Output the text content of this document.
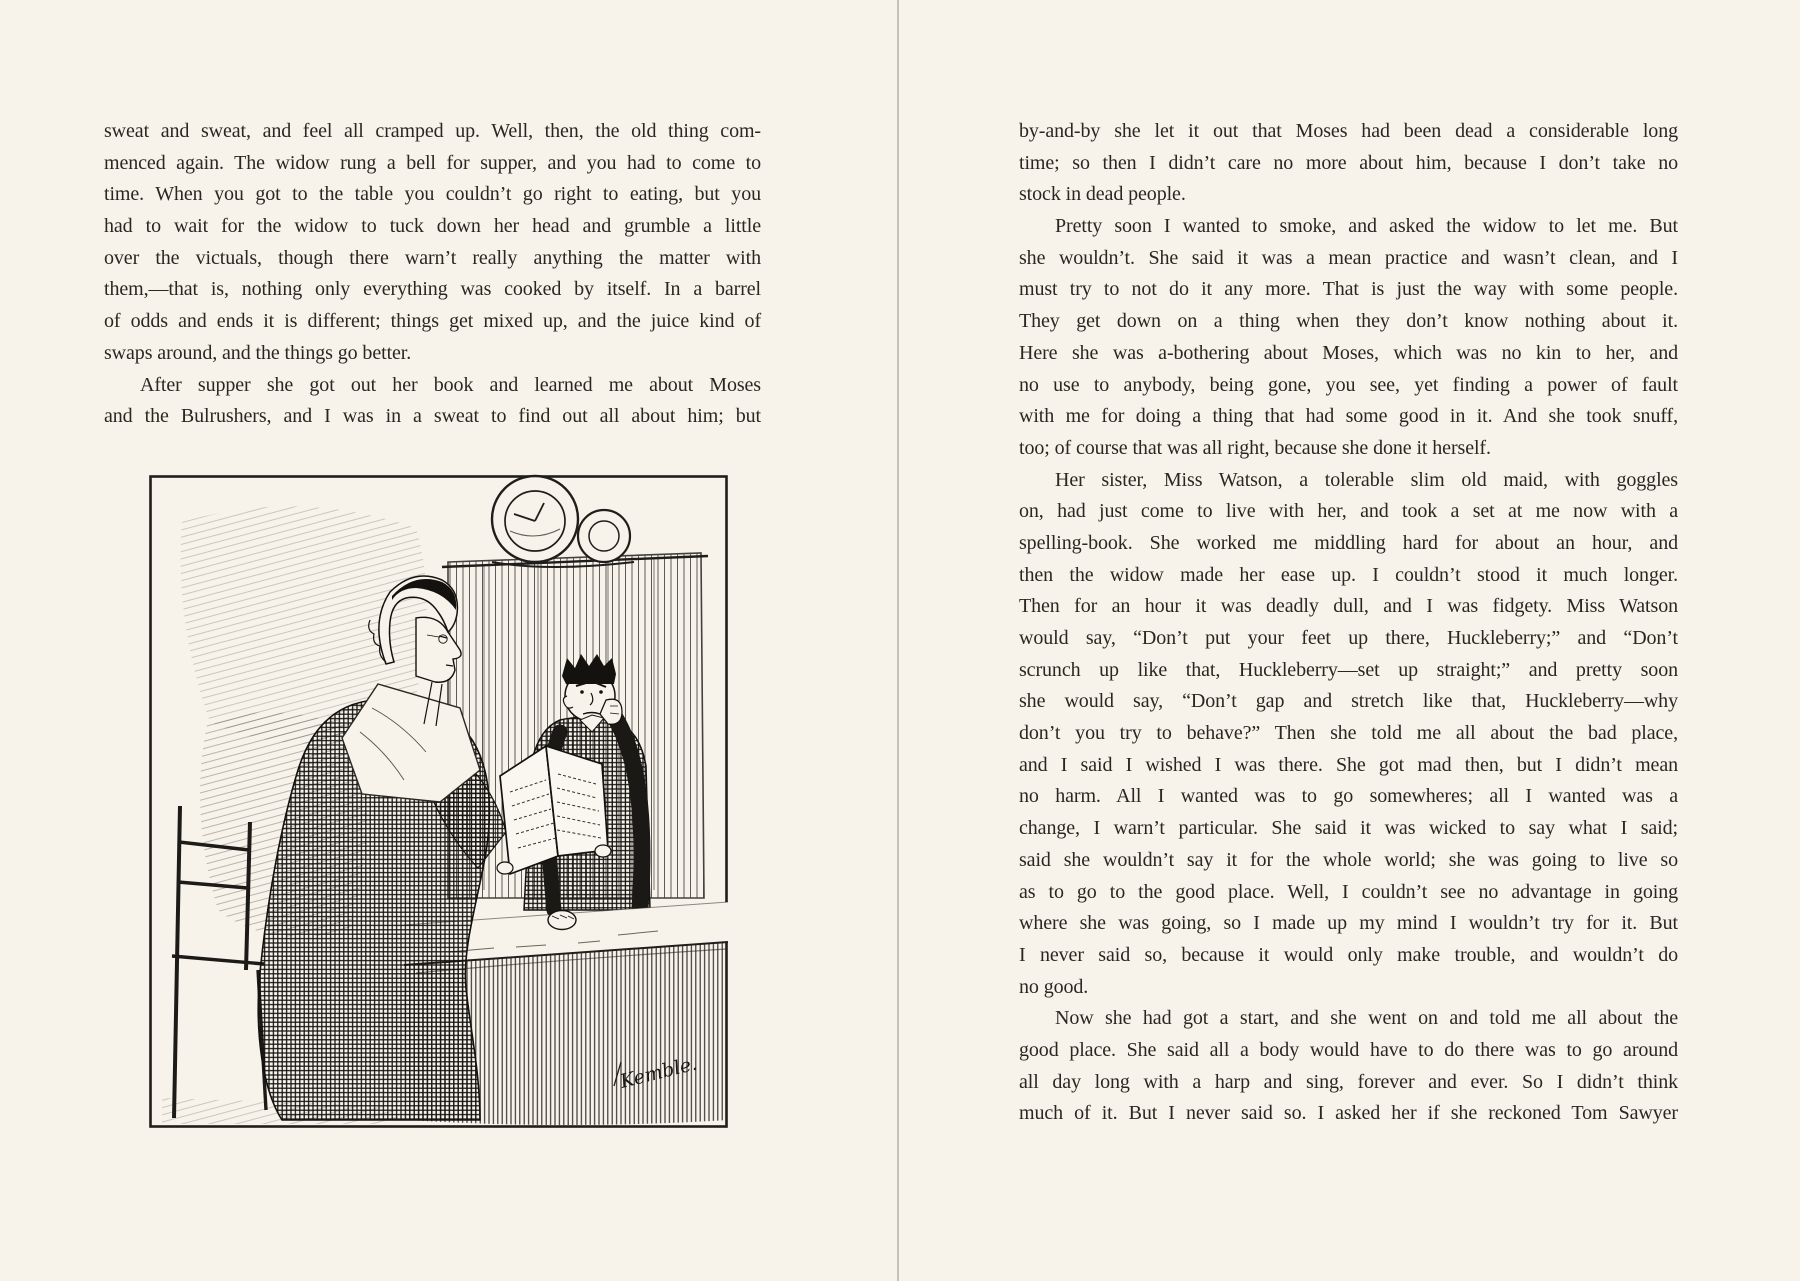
sweat and sweat, and feel all cramped up. Well, then, the old thing com-
menced again. The widow rung a bell for supper, and you had to come to
time. When you got to the table you couldn’t go right to eating, but you
had to wait for the widow to tuck down her head and grumble a little
over the victuals, though there warn’t really anything the matter with
them,—that is, nothing only everything was cooked by itself. In a barrel
of odds and ends it is different; things get mixed up, and the juice kind of
swaps around, and the things go better.
After supper she got out her book and learned me about Moses
and the Bulrushers, and I was in a sweat to find out all about him; but
Kemble.
by-and-by she let it out that Moses had been dead a considerable long
time; so then I didn’t care no more about him, because I don’t take no
stock in dead people.
Pretty soon I wanted to smoke, and asked the widow to let me. But
she wouldn’t. She said it was a mean practice and wasn’t clean, and I
must try to not do it any more. That is just the way with some people.
They get down on a thing when they don’t know nothing about it.
Here she was a-bothering about Moses, which was no kin to her, and
no use to anybody, being gone, you see, yet finding a power of fault
with me for doing a thing that had some good in it. And she took snuff,
too; of course that was all right, because she done it herself.
Her sister, Miss Watson, a tolerable slim old maid, with goggles
on, had just come to live with her, and took a set at me now with a
spelling-book. She worked me middling hard for about an hour, and
then the widow made her ease up. I couldn’t stood it much longer.
Then for an hour it was deadly dull, and I was fidgety. Miss Watson
would say, “Don’t put your feet up there, Huckleberry;” and “Don’t
scrunch up like that, Huckleberry—set up straight;” and pretty soon
she would say, “Don’t gap and stretch like that, Huckleberry—why
don’t you try to behave?” Then she told me all about the bad place,
and I said I wished I was there. She got mad then, but I didn’t mean
no harm. All I wanted was to go somewheres; all I wanted was a
change, I warn’t particular. She said it was wicked to say what I said;
said she wouldn’t say it for the whole world; she was going to live so
as to go to the good place. Well, I couldn’t see no advantage in going
where she was going, so I made up my mind I wouldn’t try for it. But
I never said so, because it would only make trouble, and wouldn’t do
no good.
Now she had got a start, and she went on and told me all about the
good place. She said all a body would have to do there was to go around
all day long with a harp and sing, forever and ever. So I didn’t think
much of it. But I never said so. I asked her if she reckoned Tom Sawyer
